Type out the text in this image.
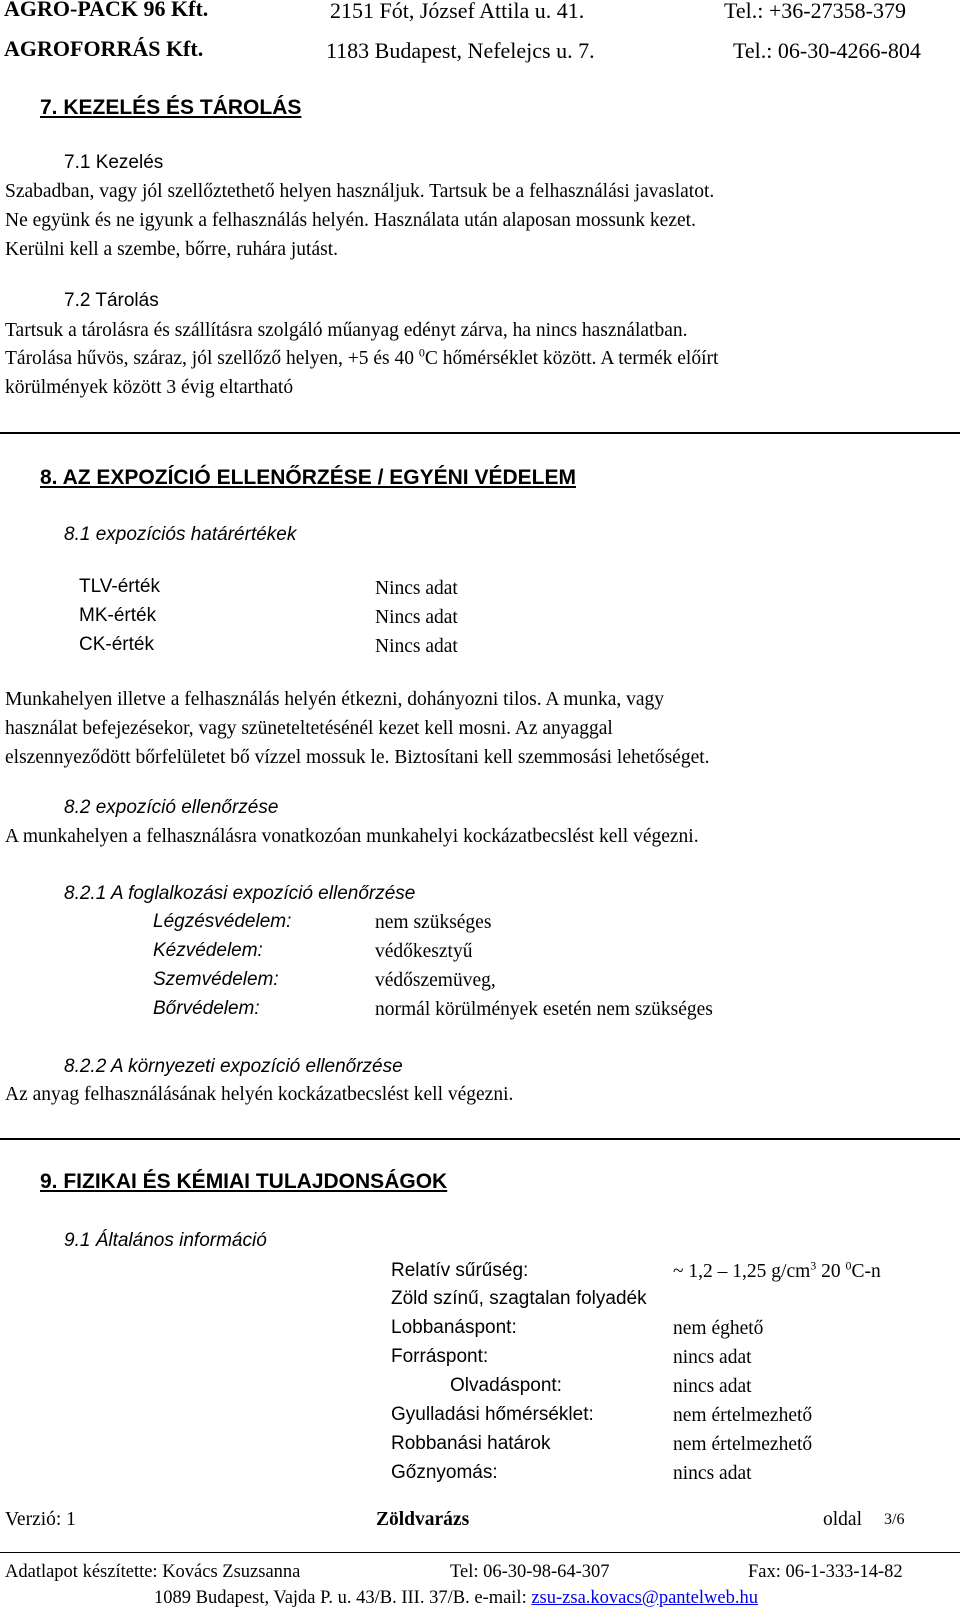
AGRO-PACK 96 Kft.	2151 Fót, József Attila u. 41.	Tel.: +36-27358-379
AGROFORRÁS Kft.	1183 Budapest, Nefelejcs u. 7.	Tel.: 06-30-4266-804
7. KEZELÉS ÉS TÁROLÁS
7.1 Kezelés
Szabadban, vagy jól szellőztethető helyen használjuk. Tartsuk be a felhasználási javaslatot.
Ne együnk és ne igyunk a felhasználás helyén. Használata után alaposan mossunk kezet.
Kerülni kell a szembe, bőrre, ruhára jutást.
7.2 Tárolás
Tartsuk a tárolásra és szállításra szolgáló műanyag edényt zárva, ha nincs használatban.
Tárolása hűvös, száraz, jól szellőző helyen, +5 és 40 $^0$C hőmérséklet között. A termék előírt
körülmények között 3 évig eltartható
8. AZ EXPOZÍCIÓ ELLENŐRZÉSE / EGYÉNI VÉDELEM
8.1 expozíciós határértékek
TLV-érték	Nincs adat
MK-érték	Nincs adat
CK-érték	Nincs adat
Munkahelyen illetve a felhasználás helyén étkezni, dohányozni tilos. A munka, vagy
használat befejezésekor, vagy szüneteltetésénél kezet kell mosni. Az anyaggal
elszennyeződött bőrfelületet bő vízzel mossuk le. Biztosítani kell szemmosási lehetőséget.
8.2 expozíció ellenőrzése
A munkahelyen a felhasználásra vonatkozóan munkahelyi kockázatbecslést kell végezni.
8.2.1 A foglalkozási expozíció ellenőrzése
Légzésvédelem:	nem szükséges
Kézvédelem:	védőkesztyű
Szemvédelem:	védőszemüveg,
Bőrvédelem:	normál körülmények esetén nem szükséges
8.2.2 A környezeti expozíció ellenőrzése
Az anyag felhasználásának helyén kockázatbecslést kell végezni.
9. FIZIKAI ÉS KÉMIAI TULAJDONSÁGOK
9.1 Általános információ
Relatív sűrűség:	~ 1,2 – 1,25 $g/cm^3$ 20 $^0$C-n
Zöld színű, szagtalan folyadék
Lobbanáspont:	nem éghető
Forráspont:	nincs adat
Olvadáspont:	nincs adat
Gyulladási hőmérséklet:	nem értelmezhető
Robbanási határok	nem értelmezhető
Gőznyomás:	nincs adat
Verzió: 1	Zöldvarázs	oldal 3/6
Adatlapot készítette: Kovács Zsuzsanna	Tel: 06-30-98-64-307	Fax: 06-1-333-14-82
1089 Budapest, Vajda P. u. 43/B. III. 37/B. e-mail: zsu-zsa.kovacs@pantelweb.hu
